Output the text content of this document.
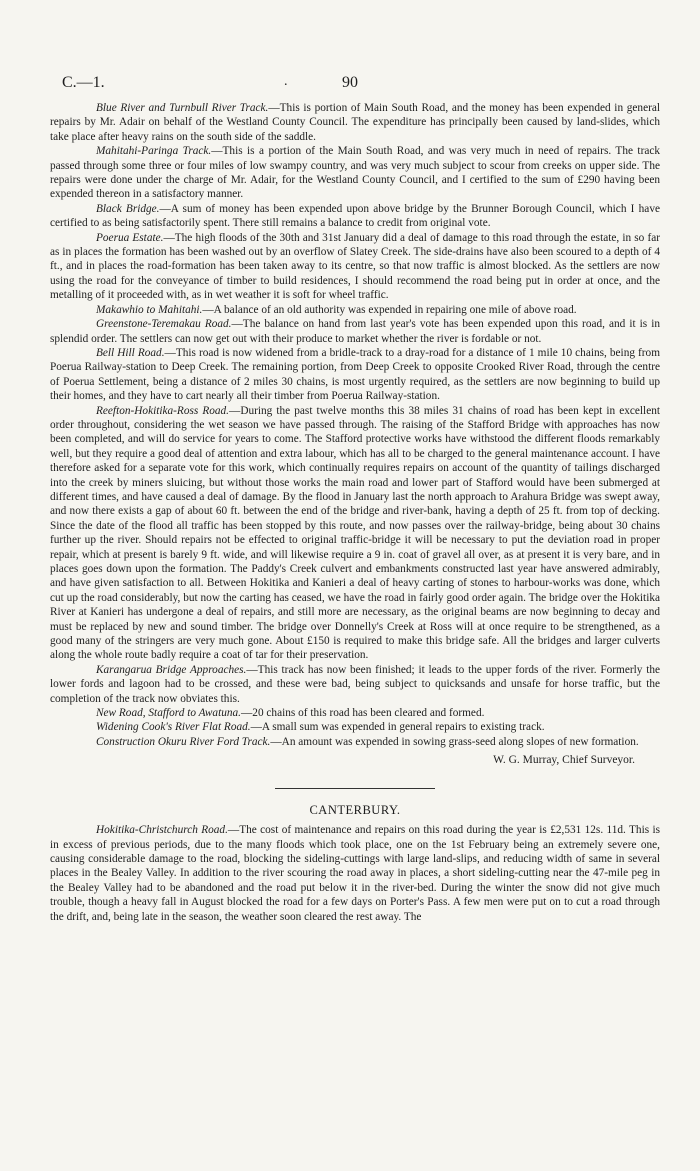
C.—1.	.	90

Blue River and Turnbull River Track.—This is portion of Main South Road, and the money has been expended in general repairs by Mr. Adair on behalf of the Westland County Council. The expenditure has principally been caused by land-slides, which take place after heavy rains on the south side of the saddle.

Mahitahi-Paringa Track.—This is a portion of the Main South Road, and was very much in need of repairs. The track passed through some three or four miles of low swampy country, and was very much subject to scour from creeks on upper side. The repairs were done under the charge of Mr. Adair, for the Westland County Council, and I certified to the sum of £290 having been expended thereon in a satisfactory manner.

Black Bridge.—A sum of money has been expended upon above bridge by the Brunner Borough Council, which I have certified to as being satisfactorily spent. There still remains a balance to credit from original vote.

Poerua Estate.—The high floods of the 30th and 31st January did a deal of damage to this road through the estate, in so far as in places the formation has been washed out by an overflow of Slatey Creek. The side-drains have also been scoured to a depth of 4 ft., and in places the road-formation has been taken away to its centre, so that now traffic is almost blocked. As the settlers are now using the road for the conveyance of timber to build residences, I should recommend the road being put in order at once, and the metalling of it proceeded with, as in wet weather it is soft for wheel traffic.

Makawhio to Mahitahi.—A balance of an old authority was expended in repairing one mile of above road.

Greenstone-Teremakau Road.—The balance on hand from last year's vote has been expended upon this road, and it is in splendid order. The settlers can now get out with their produce to market whether the river is fordable or not.

Bell Hill Road.—This road is now widened from a bridle-track to a dray-road for a distance of 1 mile 10 chains, being from Poerua Railway-station to Deep Creek. The remaining portion, from Deep Creek to opposite Crooked River Road, through the centre of Poerua Settlement, being a distance of 2 miles 30 chains, is most urgently required, as the settlers are now beginning to build up their homes, and they have to cart nearly all their timber from Poerua Railway-station.

Reefton-Hokitika-Ross Road.—During the past twelve months this 38 miles 31 chains of road has been kept in excellent order throughout, considering the wet season we have passed through. The raising of the Stafford Bridge with approaches has now been completed, and will do service for years to come. The Stafford protective works have withstood the different floods remarkably well, but they require a good deal of attention and extra labour, which has all to be charged to the general maintenance account. I have therefore asked for a separate vote for this work, which continually requires repairs on account of the quantity of tailings discharged into the creek by miners sluicing, but without those works the main road and lower part of Stafford would have been submerged at different times, and have caused a deal of damage. By the flood in January last the north approach to Arahura Bridge was swept away, and now there exists a gap of about 60 ft. between the end of the bridge and river-bank, having a depth of 25 ft. from top of decking. Since the date of the flood all traffic has been stopped by this route, and now passes over the railway-bridge, being about 30 chains further up the river. Should repairs not be effected to original traffic-bridge it will be necessary to put the deviation road in proper repair, which at present is barely 9 ft. wide, and will likewise require a 9 in. coat of gravel all over, as at present it is very bare, and in places goes down upon the formation. The Paddy's Creek culvert and embankments constructed last year have answered admirably, and have given satisfaction to all. Between Hokitika and Kanieri a deal of heavy carting of stones to harbour-works was done, which cut up the road considerably, but now the carting has ceased, we have the road in fairly good order again. The bridge over the Hokitika River at Kanieri has undergone a deal of repairs, and still more are necessary, as the original beams are now beginning to decay and must be replaced by new and sound timber. The bridge over Donnelly's Creek at Ross will at once require to be strengthened, as a good many of the stringers are very much gone. About £150 is required to make this bridge safe. All the bridges and larger culverts along the whole route badly require a coat of tar for their preservation.

Karangarua Bridge Approaches.—This track has now been finished; it leads to the upper fords of the river. Formerly the lower fords and lagoon had to be crossed, and these were bad, being subject to quicksands and unsafe for horse traffic, but the completion of the track now obviates this.

New Road, Stafford to Awatuna.—20 chains of this road has been cleared and formed.

Widening Cook's River Flat Road.—A small sum was expended in general repairs to existing track.

Construction Okuru River Ford Track.—An amount was expended in sowing grass-seed along slopes of new formation.

W. G. Murray, Chief Surveyor.

CANTERBURY.

Hokitika-Christchurch Road.—The cost of maintenance and repairs on this road during the year is £2,531 12s. 11d. This is in excess of previous periods, due to the many floods which took place, one on the 1st February being an extremely severe one, causing considerable damage to the road, blocking the sideling-cuttings with large land-slips, and reducing width of same in several places in the Bealey Valley. In addition to the river scouring the road away in places, a short sideling-cutting near the 47-mile peg in the Bealey Valley had to be abandoned and the road put below it in the river-bed. During the winter the snow did not give much trouble, though a heavy fall in August blocked the road for a few days on Porter's Pass. A few men were put on to cut a road through the drift, and, being late in the season, the weather soon cleared the rest away. The
